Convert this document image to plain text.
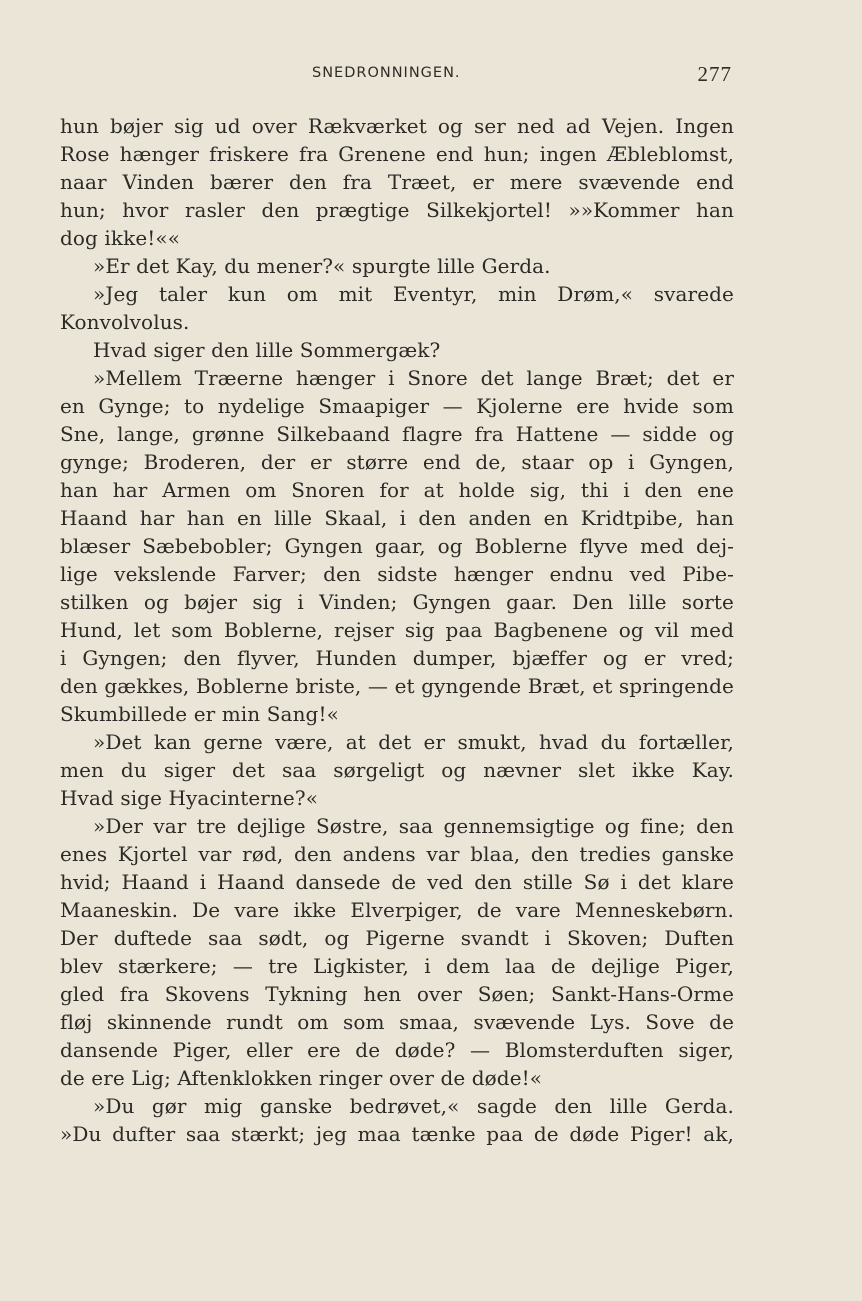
SNEDRONNINGEN.	277
hun bøjer sig ud over Rækværket og ser ned ad Vejen. Ingen
Rose hænger friskere fra Grenene end hun; ingen Æbleblomst,
naar Vinden bærer den fra Træet, er mere svævende end
hun; hvor rasler den prægtige Silkekjortel! »»Kommer han
dog ikke!««
»Er det Kay, du mener?« spurgte lille Gerda.
»Jeg taler kun om mit Eventyr, min Drøm,« svarede
Konvolvolus.
Hvad siger den lille Sommergæk?
»Mellem Træerne hænger i Snore det lange Bræt; det er
en Gynge; to nydelige Smaapiger — Kjolerne ere hvide som
Sne, lange, grønne Silkebaand flagre fra Hattene — sidde og
gynge; Broderen, der er større end de, staar op i Gyngen,
han har Armen om Snoren for at holde sig, thi i den ene
Haand har han en lille Skaal, i den anden en Kridtpibe, han
blæser Sæbebobler; Gyngen gaar, og Boblerne flyve med dej-
lige vekslende Farver; den sidste hænger endnu ved Pibe-
stilken og bøjer sig i Vinden; Gyngen gaar. Den lille sorte
Hund, let som Boblerne, rejser sig paa Bagbenene og vil med
i Gyngen; den flyver, Hunden dumper, bjæffer og er vred;
den gækkes, Boblerne briste, — et gyngende Bræt, et springende
Skumbillede er min Sang!«
»Det kan gerne være, at det er smukt, hvad du fortæller,
men du siger det saa sørgeligt og nævner slet ikke Kay.
Hvad sige Hyacinterne?«
»Der var tre dejlige Søstre, saa gennemsigtige og fine; den
enes Kjortel var rød, den andens var blaa, den tredies ganske
hvid; Haand i Haand dansede de ved den stille Sø i det klare
Maaneskin. De vare ikke Elverpiger, de vare Menneskebørn.
Der duftede saa sødt, og Pigerne svandt i Skoven; Duften
blev stærkere; — tre Ligkister, i dem laa de dejlige Piger,
gled fra Skovens Tykning hen over Søen; Sankt-Hans-Orme
fløj skinnende rundt om som smaa, svævende Lys. Sove de
dansende Piger, eller ere de døde? — Blomsterduften siger,
de ere Lig; Aftenklokken ringer over de døde!«
»Du gør mig ganske bedrøvet,« sagde den lille Gerda.
»Du dufter saa stærkt; jeg maa tænke paa de døde Piger! ak,
